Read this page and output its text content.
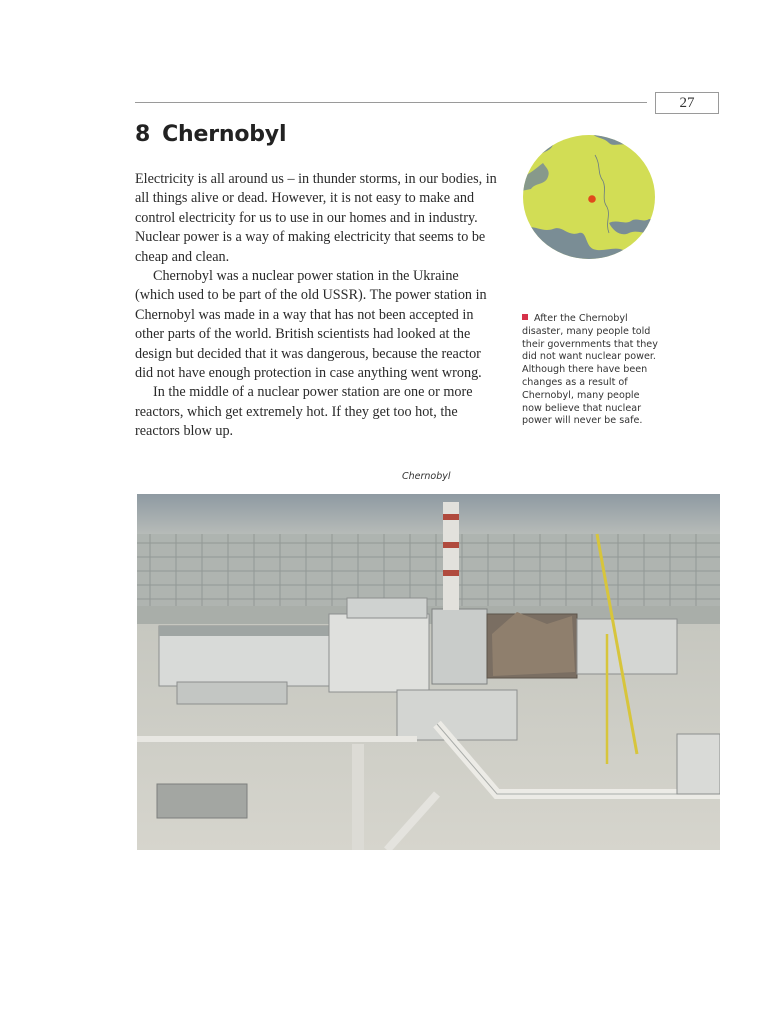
27
8 Chernobyl

Electricity is all around us – in thunder storms, in our bodies, in all things alive or dead. However, it is not easy to make and control electricity for us to use in our homes and in industry. Nuclear power is a way of making electricity that seems to be cheap and clean.

Chernobyl was a nuclear power station in the Ukraine (which used to be part of the old USSR). The power station in Chernobyl was made in a way that has not been accepted in other parts of the world. British scientists had looked at the design but decided that it was dangerous, because the reactor did not have enough protection in case anything went wrong.

In the middle of a nuclear power station are one or more reactors, which get extremely hot. If they get too hot, the reactors blow up.

After the Chernobyl disaster, many people told their governments that they did not want nuclear power. Although there have been changes as a result of Chernobyl, many people now believe that nuclear power will never be safe.
Chernobyl
